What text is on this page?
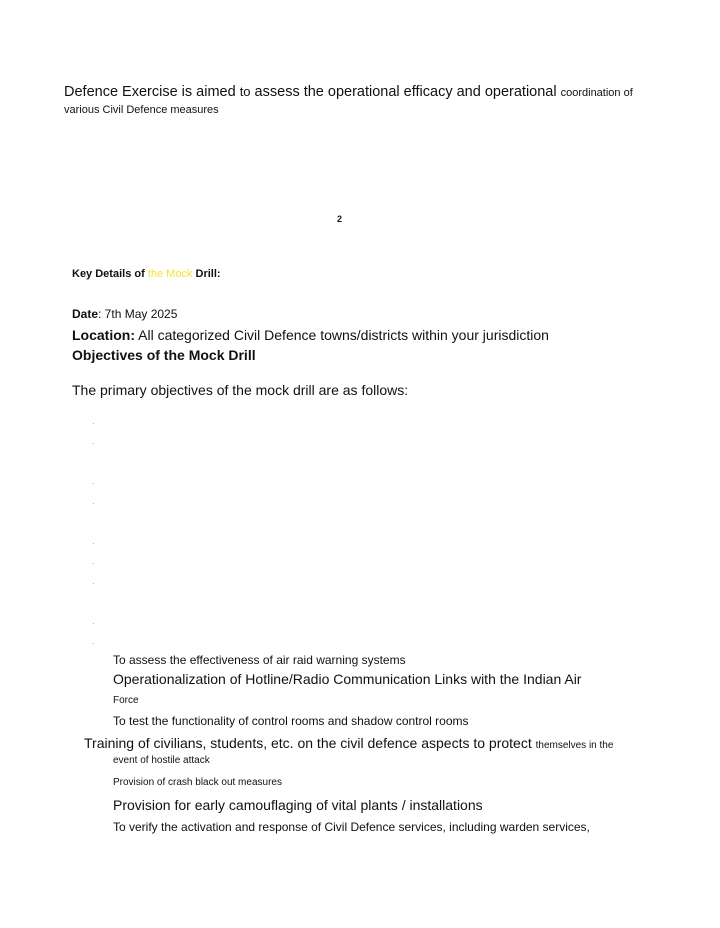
Defence Exercise is aimed to assess the operational efficacy and operational coordination of
various Civil Defence measures
2
Key Details of the Mock Drill:
Date: 7th May 2025
Location: All categorized Civil Defence towns/districts within your jurisdiction
Objectives of the Mock Drill
The primary objectives of the mock drill are as follows:
·
·
·
·
·
·
·
·
·
To assess the effectiveness of air raid warning systems
Operationalization of Hotline/Radio Communication Links with the Indian Air
Force
To test the functionality of control rooms and shadow control rooms
Training of civilians, students, etc. on the civil defence aspects to protect themselves in the
event of hostile attack
Provision of crash black out measures
Provision for early camouflaging of vital plants / installations
To verify the activation and response of Civil Defence services, including warden services,
